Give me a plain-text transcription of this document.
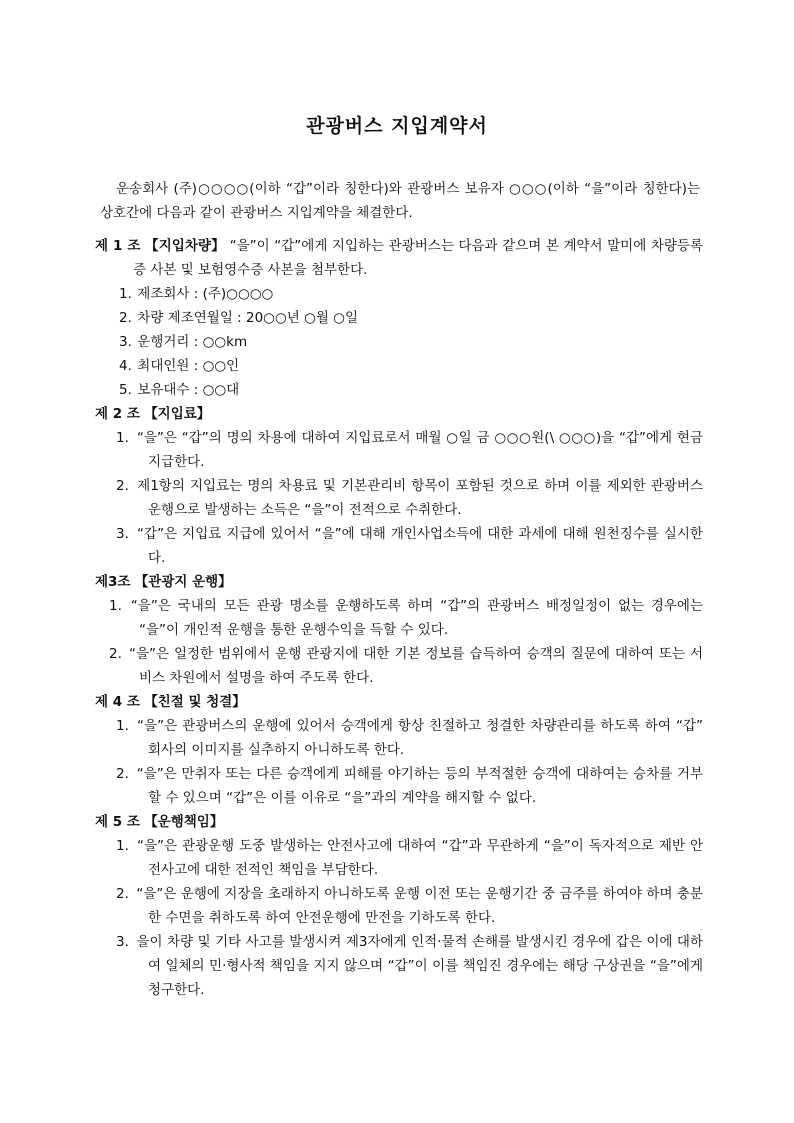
관광버스 지입계약서

운송회사 (주)○○○○(이하 “갑”이라 칭한다)와 관광버스 보유자 ○○○(이하 “을”이라 칭한다)는 상호간에 다음과 같이 관광버스 지입계약을 체결한다.

제 1 조 【지입차량】 “을”이 “갑”에게 지입하는 관광버스는 다음과 같으며 본 계약서 말미에 차량등록증 사본 및 보험영수증 사본을 첨부한다.
1. 제조회사 : (주)○○○○
2. 차량 제조연월일 : 20○○년 ○월 ○일
3. 운행거리 : ○○km
4. 최대인원 : ○○인
5. 보유대수 : ○○대
제 2 조 【지입료】
1. “을”은 “갑”의 명의 차용에 대하여 지입료로서 매월 ○일 금 ○○○원(\ ○○○)을 “갑”에게 현금 지급한다.
2. 제1항의 지입료는 명의 차용료 및 기본관리비 항목이 포함된 것으로 하며 이를 제외한 관광버스 운행으로 발생하는 소득은 “을”이 전적으로 수취한다.
3. “갑”은 지입료 지급에 있어서 “을”에 대해 개인사업소득에 대한 과세에 대해 원천징수를 실시한다.
제3조 【관광지 운행】
1. “을”은 국내의 모든 관광 명소를 운행하도록 하며 “갑”의 관광버스 배정일정이 없는 경우에는 “을”이 개인적 운행을 통한 운행수익을 득할 수 있다.
2. “을”은 일정한 범위에서 운행 관광지에 대한 기본 정보를 습득하여 승객의 질문에 대하여 또는 서비스 차원에서 설명을 하여 주도록 한다.
제 4 조 【친절 및 청결】
1. “을”은 관광버스의 운행에 있어서 승객에게 항상 친절하고 청결한 차량관리를 하도록 하여 “갑” 회사의 이미지를 실추하지 아니하도록 한다.
2. “을”은 만취자 또는 다른 승객에게 피해를 야기하는 등의 부적절한 승객에 대하여는 승차를 거부할 수 있으며 “갑”은 이를 이유로 “을”과의 계약을 해지할 수 없다.
제 5 조 【운행책임】
1. “을”은 관광운행 도중 발생하는 안전사고에 대하여 “갑”과 무관하게 “을”이 독자적으로 제반 안전사고에 대한 전적인 책임을 부담한다.
2. “을”은 운행에 지장을 초래하지 아니하도록 운행 이전 또는 운행기간 중 금주를 하여야 하며 충분한 수면을 취하도록 하여 안전운행에 만전을 기하도록 한다.
3. 을이 차량 및 기타 사고를 발생시켜 제3자에게 인적·물적 손해를 발생시킨 경우에 갑은 이에 대하여 일체의 민·형사적 책임을 지지 않으며 “갑”이 이를 책임진 경우에는 해당 구상권을 “을”에게 청구한다.
